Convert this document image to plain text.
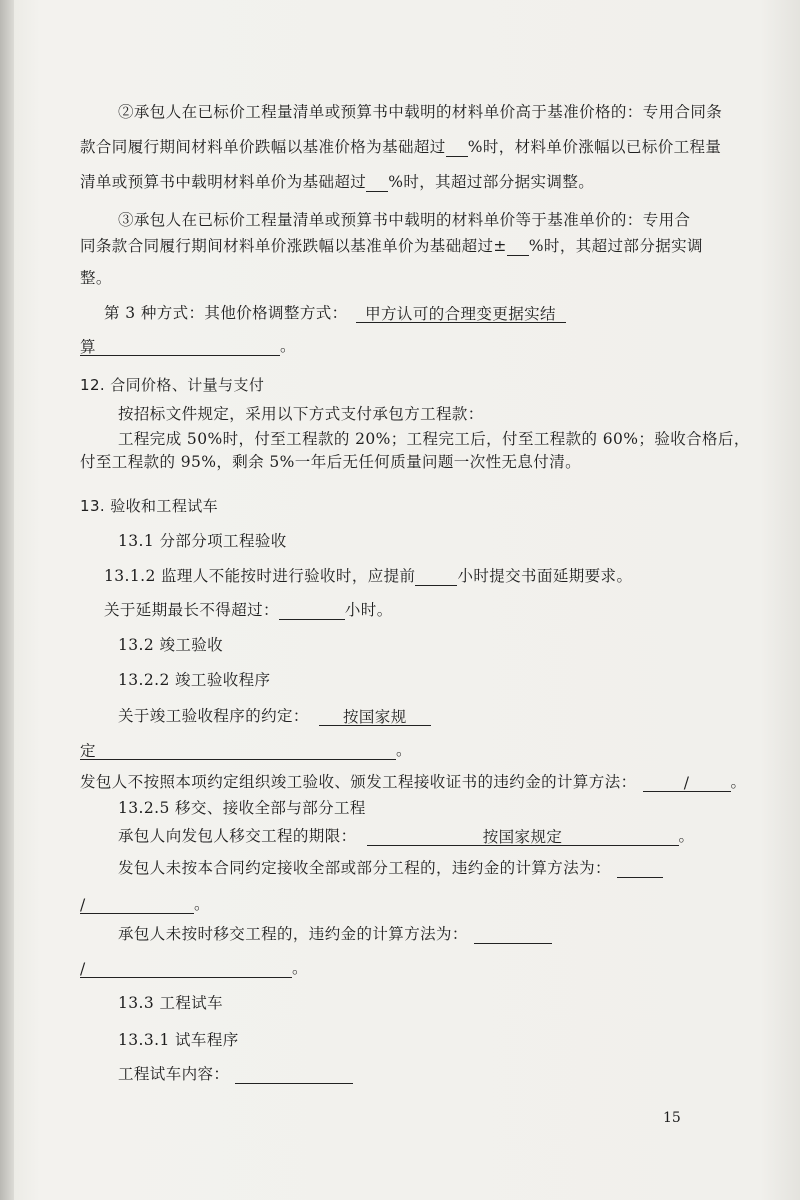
②承包人在已标价工程量清单或预算书中载明的材料单价高于基准价格的：专用合同条
款合同履行期间材料单价跌幅以基准价格为基础超过 %时，材料单价涨幅以已标价工程量
清单或预算书中载明材料单价为基础超过 %时，其超过部分据实调整。
③承包人在已标价工程量清单或预算书中载明的材料单价等于基准单价的：专用合
同条款合同履行期间材料单价涨跌幅以基准单价为基础超过± %时，其超过部分据实调
整。
第 3 种方式：其他价格调整方式： 甲方认可的合理变更据实结
算	。
12. 合同价格、计量与支付
按招标文件规定，采用以下方式支付承包方工程款：
工程完成 50%时，付至工程款的 20%；工程完工后，付至工程款的 60%；验收合格后，
付至工程款的 95%，剩余 5%一年后无任何质量问题一次性无息付清。
13. 验收和工程试车
13.1 分部分项工程验收
13.1.2 监理人不能按时进行验收时，应提前	小时提交书面延期要求。
关于延期最长不得超过：	小时。
13.2 竣工验收
13.2.2 竣工验收程序
关于竣工验收程序的约定： 按国家规
定	。
发包人不按照本项约定组织竣工验收、颁发工程接收证书的违约金的计算方法：	/	。
13.2.5 移交、接收全部与部分工程
承包人向发包人移交工程的期限：	按国家规定	。
发包人未按本合同约定接收全部或部分工程的，违约金的计算方法为：
/	。
承包人未按时移交工程的，违约金的计算方法为：
/	。
13.3 工程试车
13.3.1 试车程序
工程试车内容：
15
